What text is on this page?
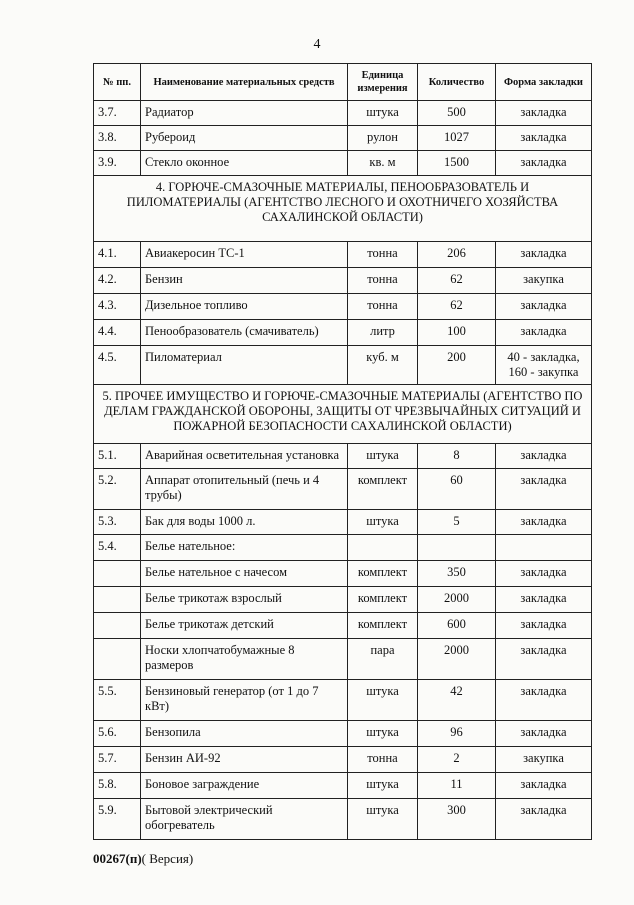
4
№ пп.	Наименование материальных средств	Единица измерения	Количество	Форма закладки
3.7.	Радиатор	штука	500	закладка
3.8.	Рубероид	рулон	1027	закладка
3.9.	Стекло оконное	кв. м	1500	закладка
4. ГОРЮЧЕ-СМАЗОЧНЫЕ МАТЕРИАЛЫ, ПЕНООБРАЗОВАТЕЛЬ И ПИЛОМАТЕРИАЛЫ (АГЕНТСТВО ЛЕСНОГО И ОХОТНИЧЕГО ХОЗЯЙСТВА САХАЛИНСКОЙ ОБЛАСТИ)				
4.1.	Авиакеросин ТС-1	тонна	206	закладка
4.2.	Бензин	тонна	62	закупка
4.3.	Дизельное топливо	тонна	62	закладка
4.4.	Пенообразователь (смачиватель)	литр	100	закладка
4.5.	Пиломатериал	куб. м	200	40 - закладка, 160 - закупка
5. ПРОЧЕЕ ИМУЩЕСТВО И ГОРЮЧЕ-СМАЗОЧНЫЕ МАТЕРИАЛЫ (АГЕНТСТВО ПО ДЕЛАМ ГРАЖДАНСКОЙ ОБОРОНЫ, ЗАЩИТЫ ОТ ЧРЕЗВЫЧАЙНЫХ СИТУАЦИЙ И ПОЖАРНОЙ БЕЗОПАСНОСТИ САХАЛИНСКОЙ ОБЛАСТИ)				
5.1.	Аварийная осветительная установка	штука	8	закладка
5.2.	Аппарат отопительный (печь и 4 трубы)	комплект	60	закладка
5.3.	Бак для воды 1000 л.	штука	5	закладка
5.4.	Белье нательное:			
	Белье нательное с начесом	комплект	350	закладка
	Белье трикотаж взрослый	комплект	2000	закладка
	Белье трикотаж детский	комплект	600	закладка
	Носки хлопчатобумажные 8 размеров	пара	2000	закладка
5.5.	Бензиновый генератор (от 1 до 7 кВт)	штука	42	закладка
5.6.	Бензопила	штука	96	закладка
5.7.	Бензин АИ-92	тонна	2	закупка
5.8.	Боновое заграждение	штука	11	закладка
5.9.	Бытовой электрический обогреватель	штука	300	закладка
00267(п)( Версия)
